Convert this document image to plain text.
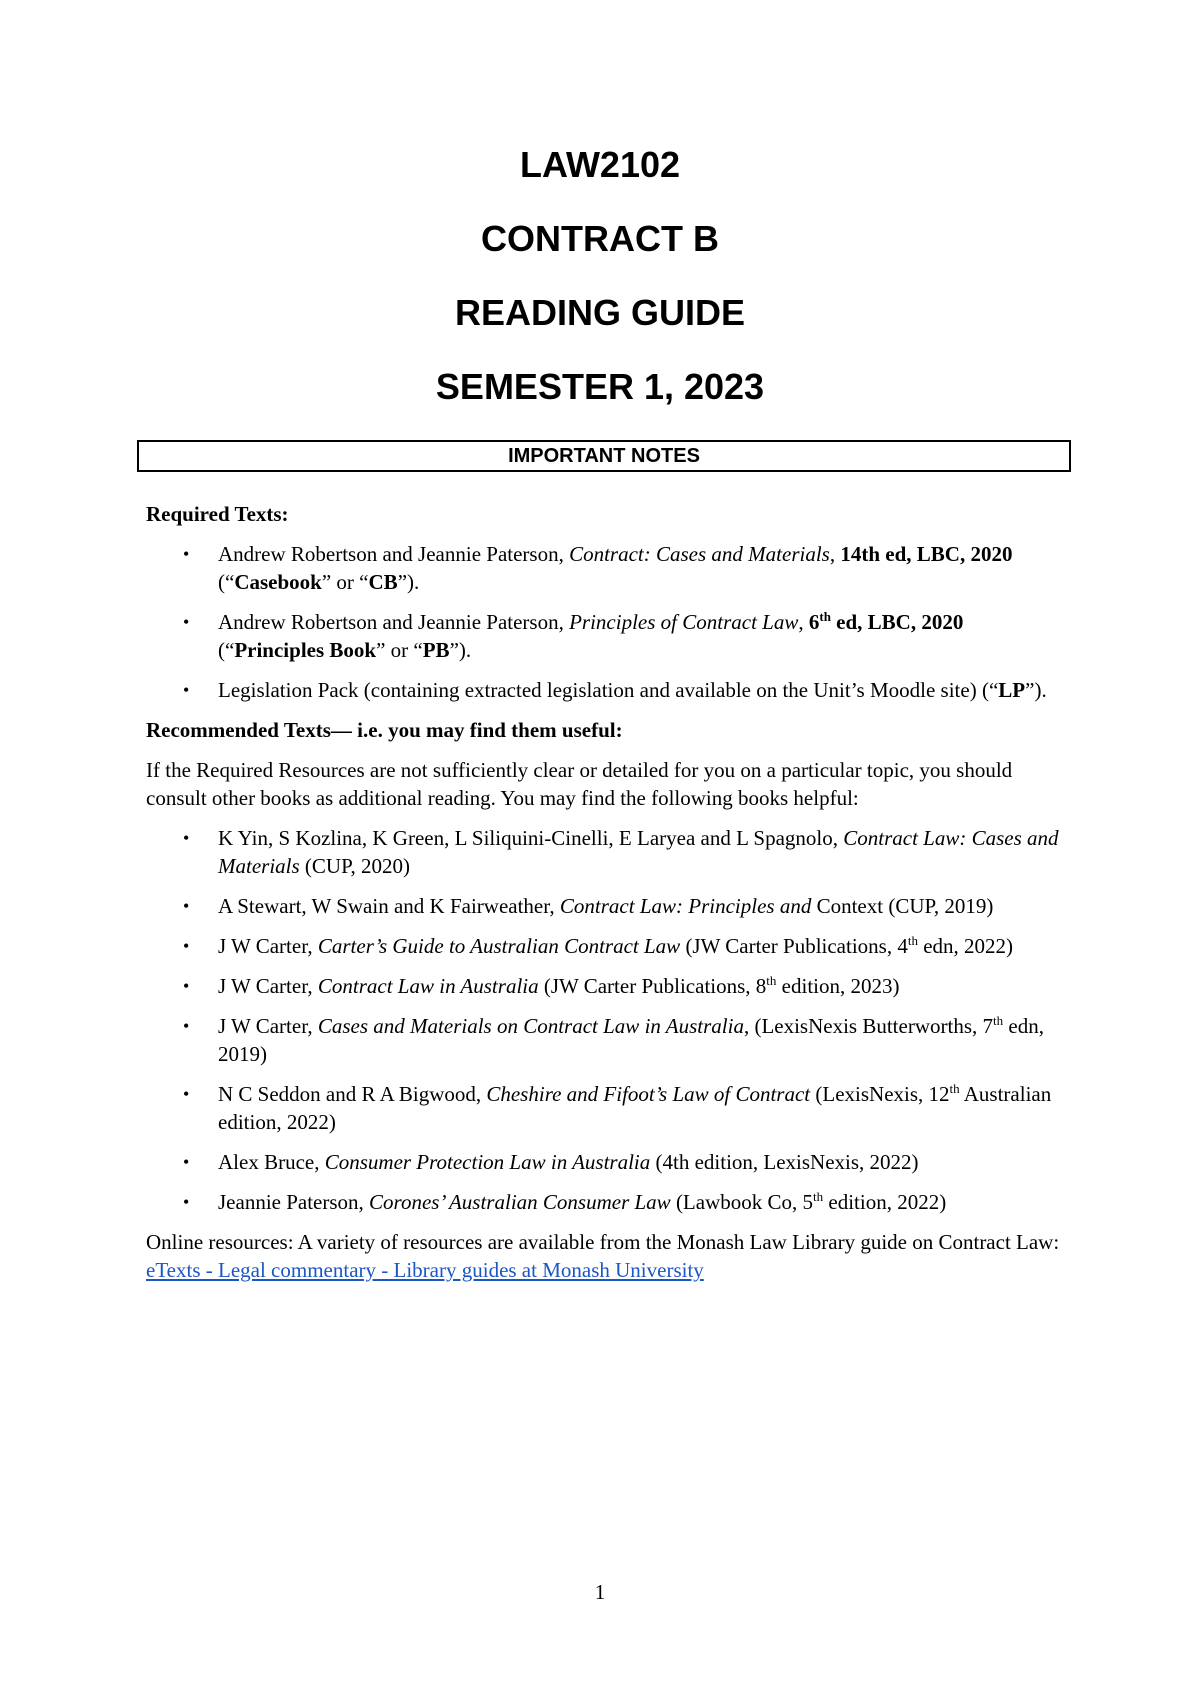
LAW2102
CONTRACT B
READING GUIDE
SEMESTER 1, 2023
IMPORTANT NOTES

Required Texts:

• Andrew Robertson and Jeannie Paterson, Contract: Cases and Materials, 14th ed, LBC, 2020 (“Casebook” or “CB”).
• Andrew Robertson and Jeannie Paterson, Principles of Contract Law, 6th ed, LBC, 2020 (“Principles Book” or “PB”).
• Legislation Pack (containing extracted legislation and available on the Unit’s Moodle site) (“LP”).

Recommended Texts— i.e. you may find them useful:

If the Required Resources are not sufficiently clear or detailed for you on a particular topic, you should consult other books as additional reading. You may find the following books helpful:

• K Yin, S Kozlina, K Green, L Siliquini-Cinelli, E Laryea and L Spagnolo, Contract Law: Cases and Materials (CUP, 2020)
• A Stewart, W Swain and K Fairweather, Contract Law: Principles and Context (CUP, 2019)
• J W Carter, Carter’s Guide to Australian Contract Law (JW Carter Publications, 4th edn, 2022)
• J W Carter, Contract Law in Australia (JW Carter Publications, 8th edition, 2023)
• J W Carter, Cases and Materials on Contract Law in Australia, (LexisNexis Butterworths, 7th edn, 2019)
• N C Seddon and R A Bigwood, Cheshire and Fifoot’s Law of Contract (LexisNexis, 12th Australian edition, 2022)
• Alex Bruce, Consumer Protection Law in Australia (4th edition, LexisNexis, 2022)
• Jeannie Paterson, Corones’ Australian Consumer Law (Lawbook Co, 5th edition, 2022)

Online resources: A variety of resources are available from the Monash Law Library guide on Contract Law: eTexts - Legal commentary - Library guides at Monash University

1
